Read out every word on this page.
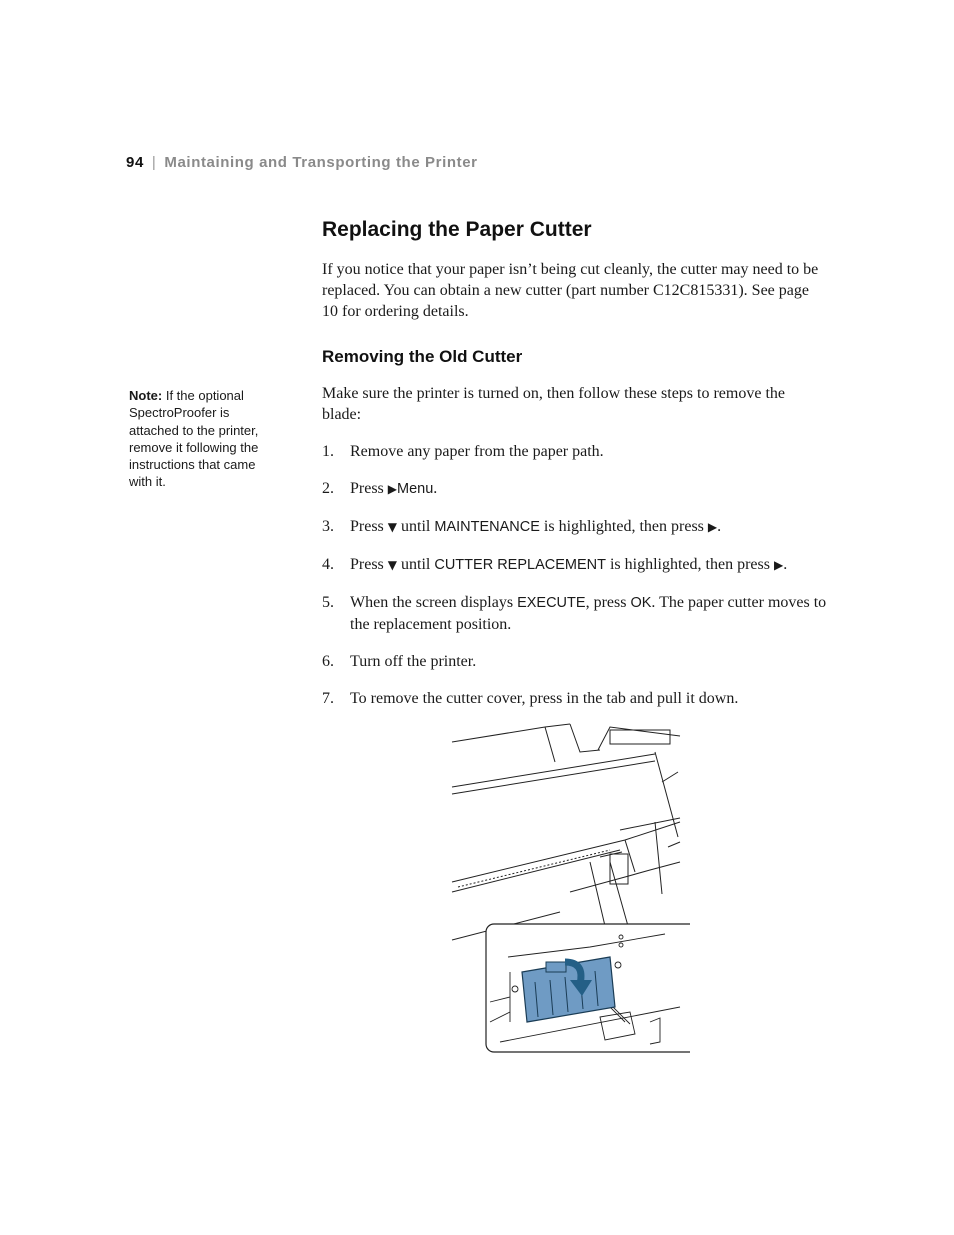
94 | Maintaining and Transporting the Printer
Replacing the Paper Cutter
If you notice that your paper isn’t being cut cleanly, the cutter may need to be replaced. You can obtain a new cutter (part number C12C815331). See page 10 for ordering details.
Removing the Old Cutter
Note: If the optional SpectroProofer is attached to the printer, remove it following the instructions that came with it.
Make sure the printer is turned on, then follow these steps to remove the blade:
1. Remove any paper from the paper path.
2. Press ▶Menu.
3. Press ▼ until MAINTENANCE is highlighted, then press ▶.
4. Press ▼ until CUTTER REPLACEMENT is highlighted, then press ▶.
5. When the screen displays EXECUTE, press OK. The paper cutter moves to the replacement position.
6. Turn off the printer.
7. To remove the cutter cover, press in the tab and pull it down.
